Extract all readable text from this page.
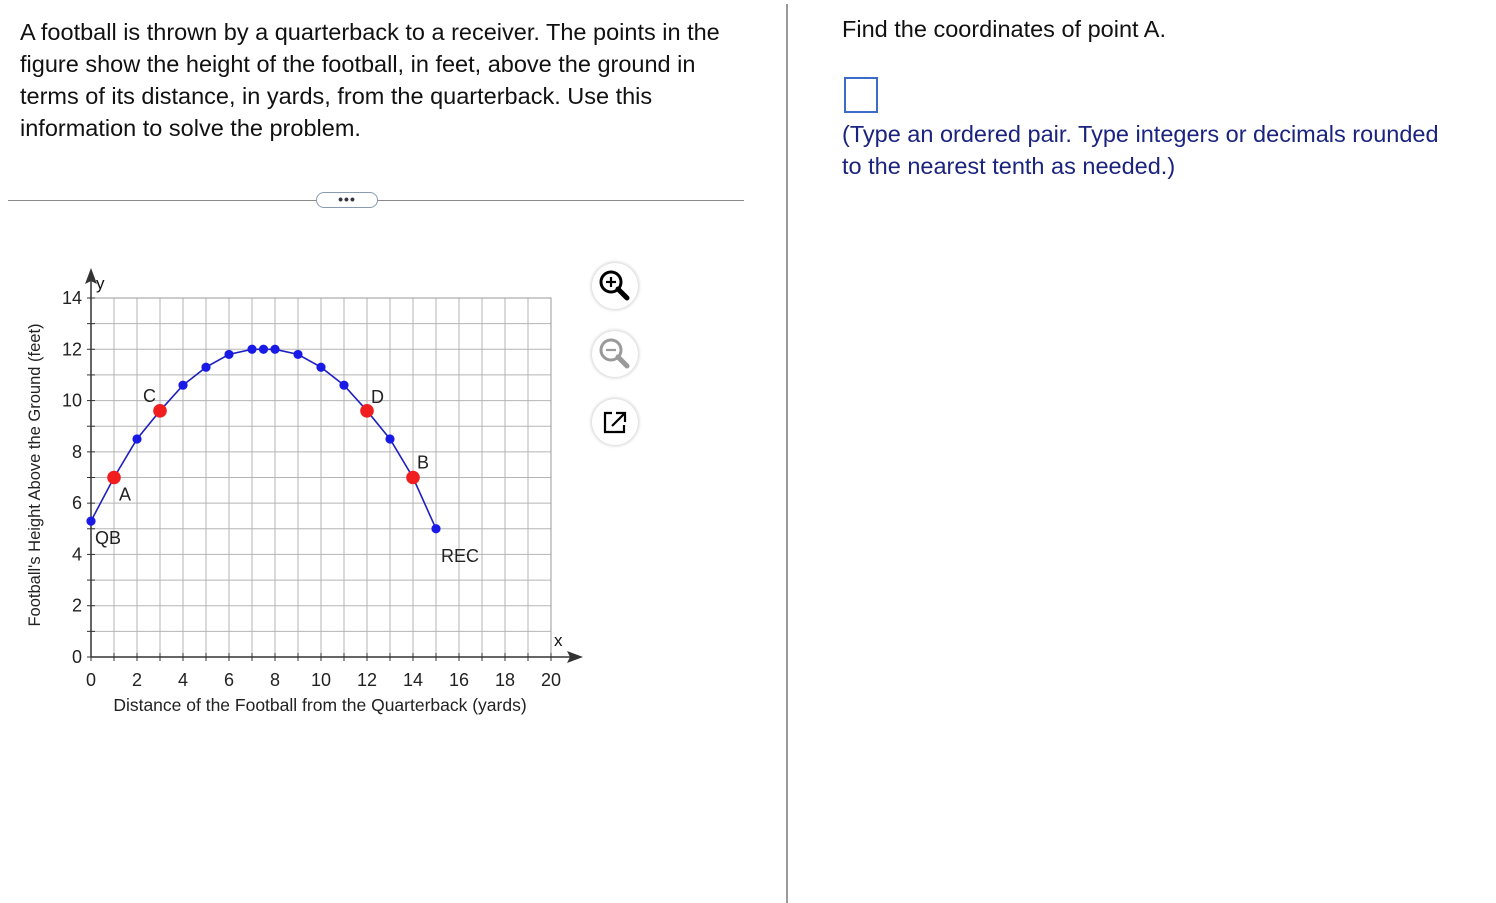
A football is thrown by a quarterback to a receiver. The points in the figure show the height of the football, in feet, above the ground in terms of its distance, in yards, from the quarterback. Use this information to solve the problem.
•••
0 2 4 6 8 10 12 14 16 18 20
0
2
4
6
8
10
12
14
A
C	D
B
QB
REC
Distance of the Football from the Quarterback (yards)
Football's Height Above the Ground (feet)
x
y
Find the coordinates of point A.
(Type an ordered pair. Type integers or decimals rounded to the nearest tenth as needed.)
